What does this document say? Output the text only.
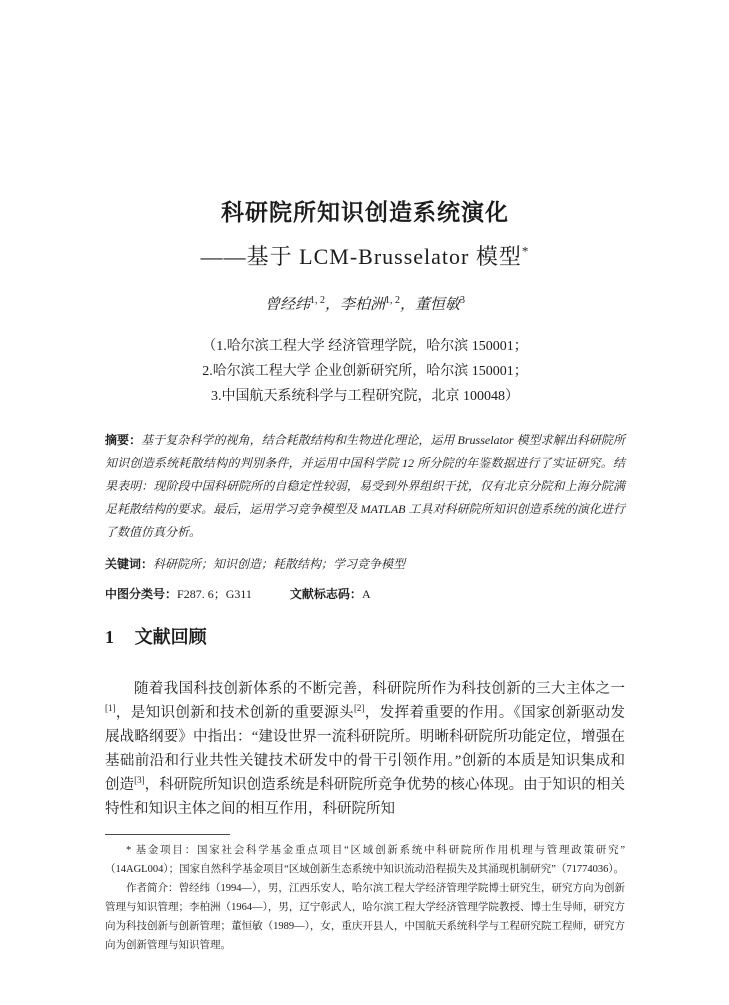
科研院所知识创造系统演化
——基于 LCM-Brusselator 模型*
曾经纬$^{1, 2}$，李柏洲$^{1, 2}$，董恒敏$^3$
（1.哈尔滨工程大学 经济管理学院，哈尔滨 150001；
2.哈尔滨工程大学 企业创新研究所，哈尔滨 150001；
3.中国航天系统科学与工程研究院，北京 100048）

摘要：基于复杂科学的视角，结合耗散结构和生物进化理论，运用 Brusselator 模型求解出科研院所知识创造系统耗散结构的判别条件，并运用中国科学院 12 所分院的年鉴数据进行了实证研究。结果表明：现阶段中国科研院所的自稳定性较弱，易受到外界组织干扰，仅有北京分院和上海分院满足耗散结构的要求。最后，运用学习竞争模型及 MATLAB 工具对科研院所知识创造系统的演化进行了数值仿真分析。

关键词：科研院所；知识创造；耗散结构；学习竞争模型

中图分类号：F287. 6；G311	文献标志码：A

1 文献回顾

随着我国科技创新体系的不断完善，科研院所作为科技创新的三大主体之一[1]，是知识创新和技术创新的重要源头[2]，发挥着重要的作用。《国家创新驱动发展战略纲要》中指出：“建设世界一流科研院所。明晰科研院所功能定位，增强在基础前沿和行业共性关键技术研发中的骨干引领作用。”创新的本质是知识集成和创造[3]，科研院所知识创造系统是科研院所竞争优势的核心体现。由于知识的相关特性和知识主体之间的相互作用，科研院所知

* 基金项目：国家社会科学基金重点项目“区域创新系统中科研院所作用机理与管理政策研究”（14AGL004）；国家自然科学基金项目“区域创新生态系统中知识流动沿程损失及其涌现机制研究”（71774036）。

作者简介：曾经纬（1994—），男，江西乐安人，哈尔滨工程大学经济管理学院博士研究生，研究方向为创新管理与知识管理；李柏洲（1964—），男，辽宁彰武人，哈尔滨工程大学经济管理学院教授、博士生导师，研究方向为科技创新与创新管理；董恒敏（1989—），女，重庆开县人，中国航天系统科学与工程研究院工程师，研究方向为创新管理与知识管理。
